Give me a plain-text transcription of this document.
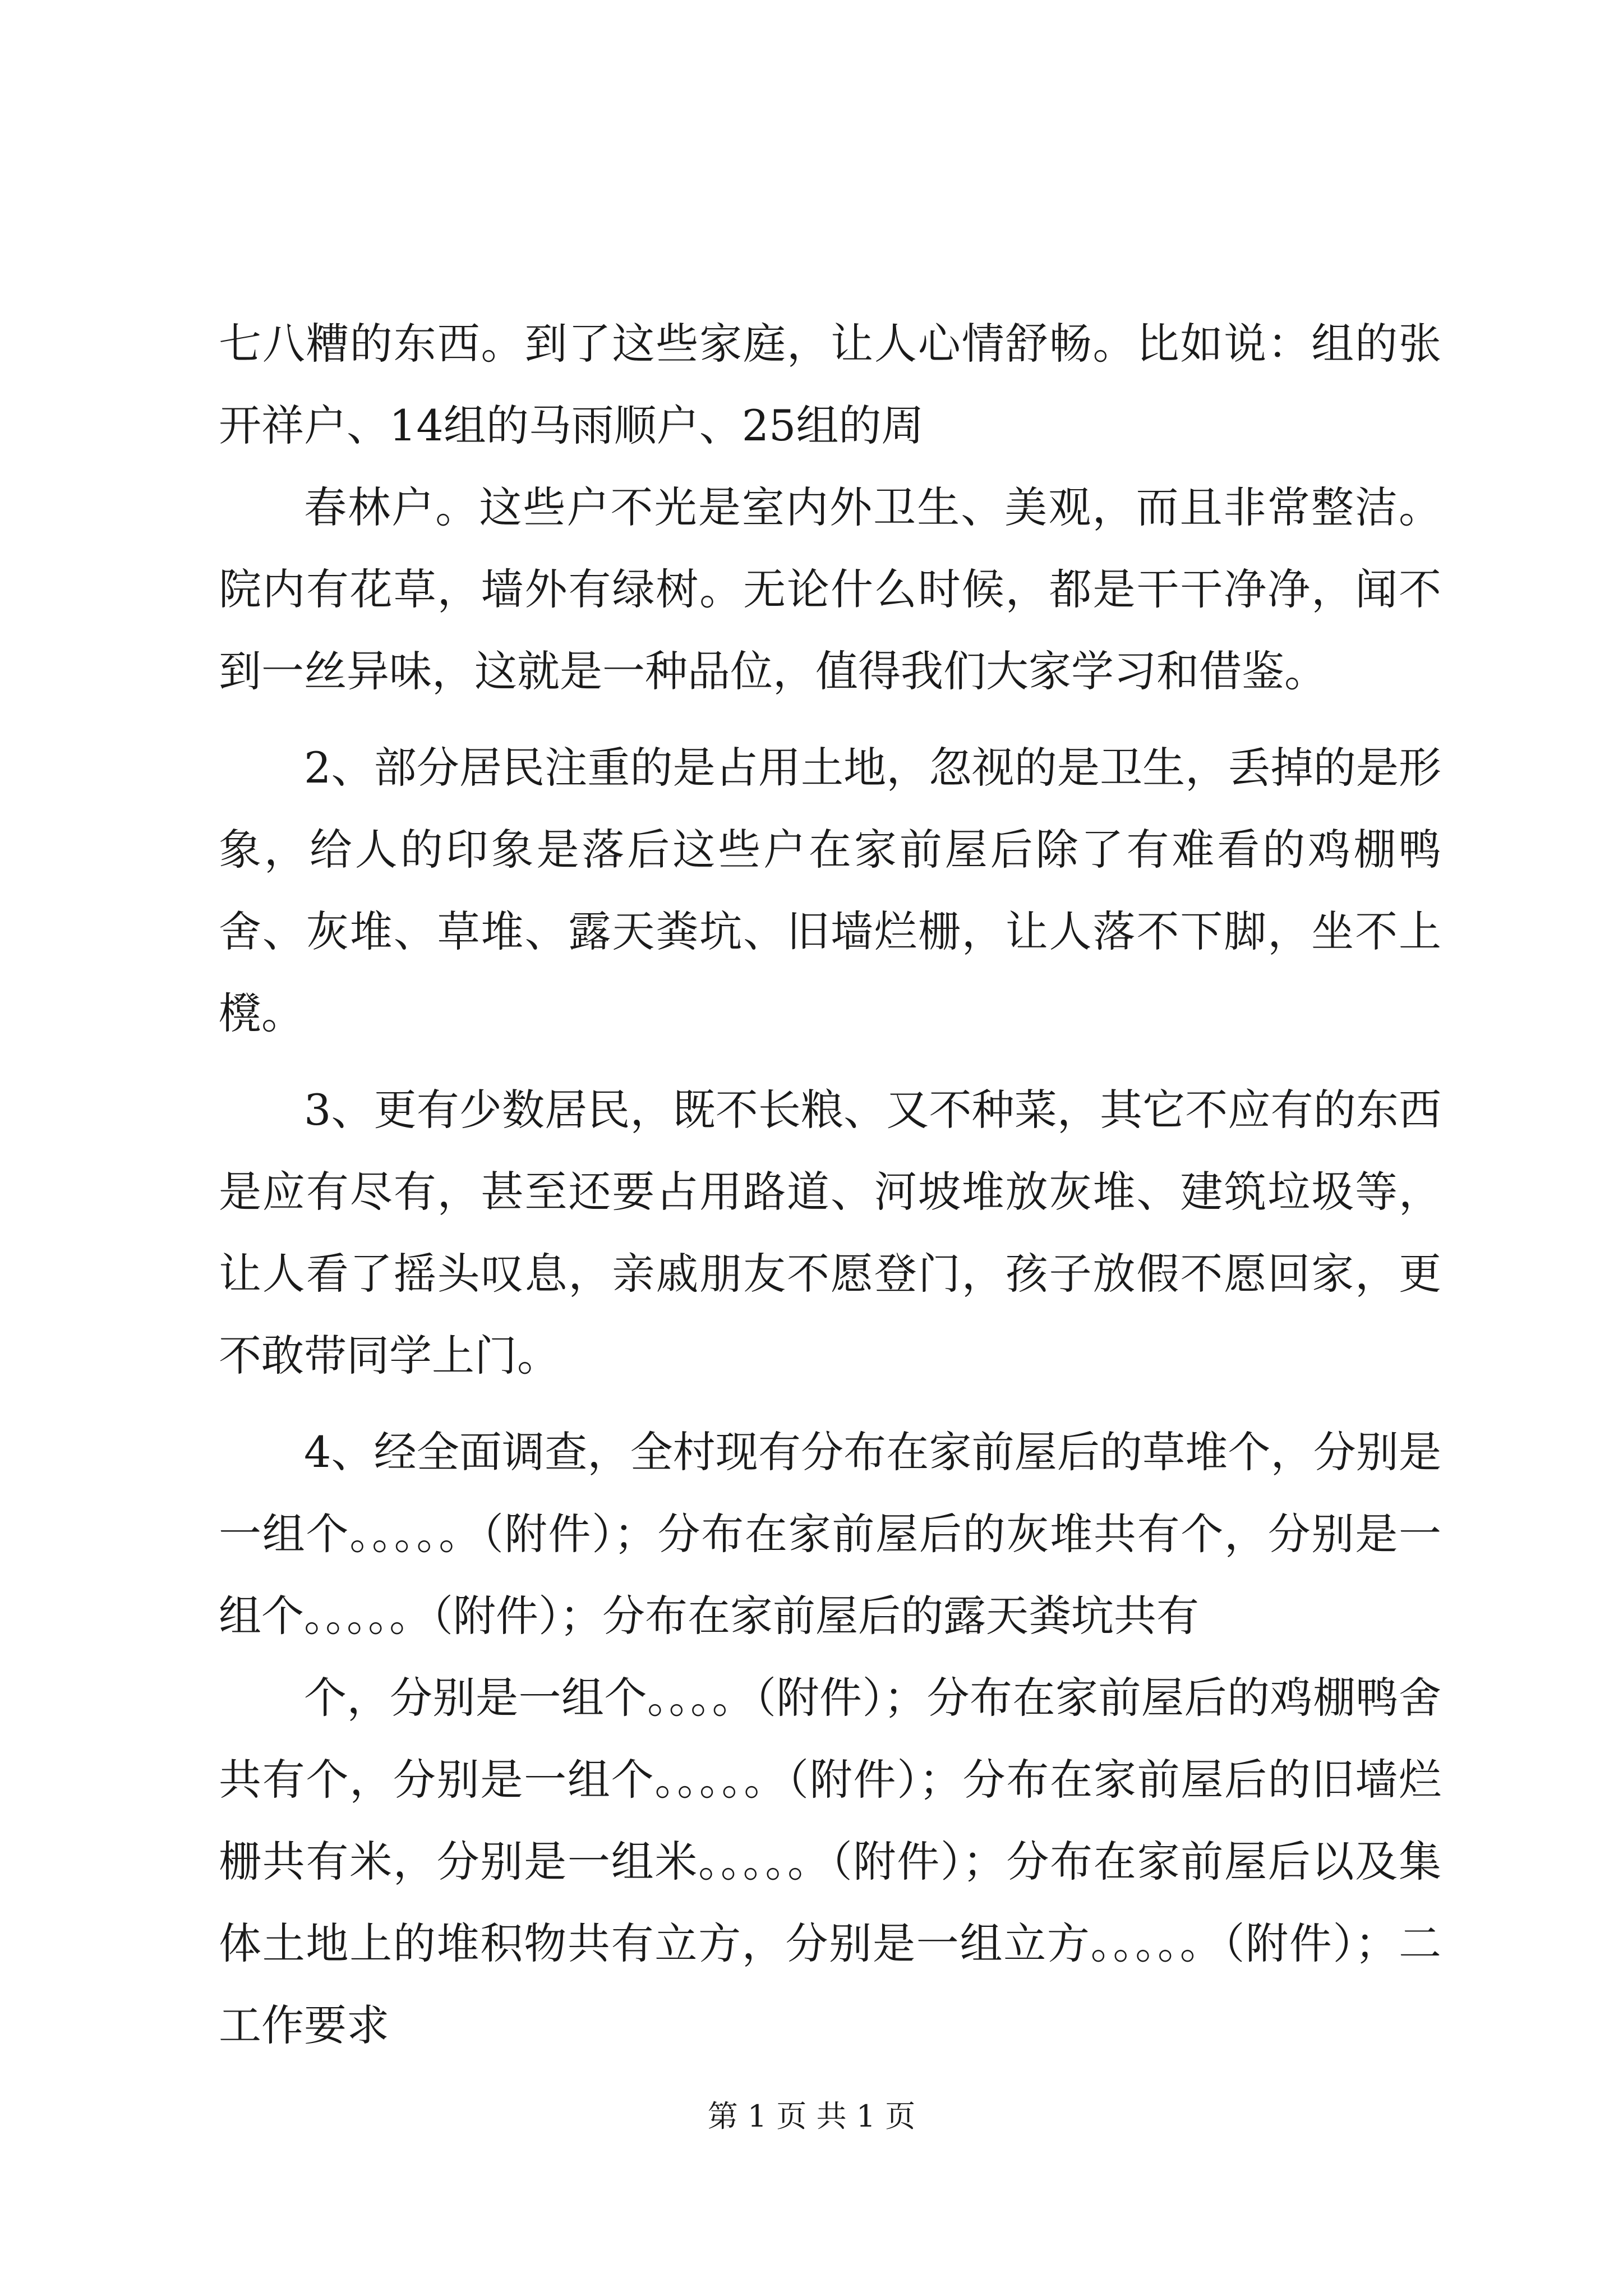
七八糟的东西。到了这些家庭，让人心情舒畅。比如说：组的张开祥户、14组的马雨顺户、25组的周

春林户。这些户不光是室内外卫生、美观，而且非常整洁。院内有花草，墙外有绿树。无论什么时候，都是干干净净，闻不到一丝异味，这就是一种品位，值得我们大家学习和借鉴。

2、部分居民注重的是占用土地，忽视的是卫生，丢掉的是形象，给人的印象是落后这些户在家前屋后除了有难看的鸡棚鸭舍、灰堆、草堆、露天粪坑、旧墙烂栅，让人落不下脚，坐不上櫈。

3、更有少数居民，既不长粮、又不种菜，其它不应有的东西是应有尽有，甚至还要占用路道、河坡堆放灰堆、建筑垃圾等，让人看了摇头叹息，亲戚朋友不愿登门，孩子放假不愿回家，更不敢带同学上门。

4、经全面调查，全村现有分布在家前屋后的草堆个，分别是一组个。。。。。（附件）；分布在家前屋后的灰堆共有个，分别是一组个。。。。。（附件）；分布在家前屋后的露天粪坑共有

个，分别是一组个。。。。（附件）；分布在家前屋后的鸡棚鸭舍共有个，分别是一组个。。。。。（附件）；分布在家前屋后的旧墙烂栅共有米，分别是一组米。。。。。（附件）；分布在家前屋后以及集体土地上的堆积物共有立方，分别是一组立方。。。。。（附件）；二工作要求

第 1 页 共 1 页
